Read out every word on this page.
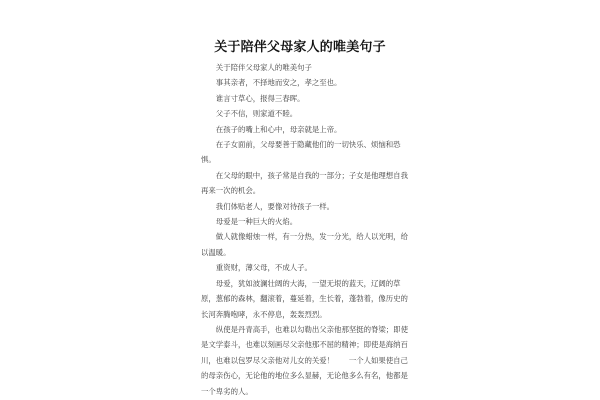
关于陪伴父母家人的唯美句子

关于陪伴父母家人的唯美句子

事其亲者，不择地而安之，孝之至也。

谁言寸草心，报得三春晖。

父子不信，则家道不睦。

在孩子的嘴上和心中，母亲就是上帝。

在子女面前，父母要善于隐藏他们的一切快乐、烦恼和恐惧。

在父母的眼中，孩子常是自我的一部分；子女是他理想自我再来一次的机会。

我们体贴老人，要像对待孩子一样。

母爱是一种巨大的火焰。

做人就像蜡烛一样，有一分热，发一分光，给人以光明，给以温暖。

重资财，薄父母，不成人子。

母爱，犹如波澜壮阔的大海，一望无垠的蓝天，辽阔的草原，葱郁的森林，翻滚着，蔓延着，生长着，蓬勃着，像历史的长河奔腾咆哮，永不停息，轰轰烈烈。

纵使是丹青高手，也难以勾勒出父亲他那坚挺的脊梁；即使是文学泰斗，也难以刻画尽父亲他那不屈的精神；即使是海纳百川，也难以包罗尽父亲他对儿女的关爱！　　一个人如果使自己的母亲伤心，无论他的地位多么显赫，无论他多么有名，他都是一个卑劣的人。
